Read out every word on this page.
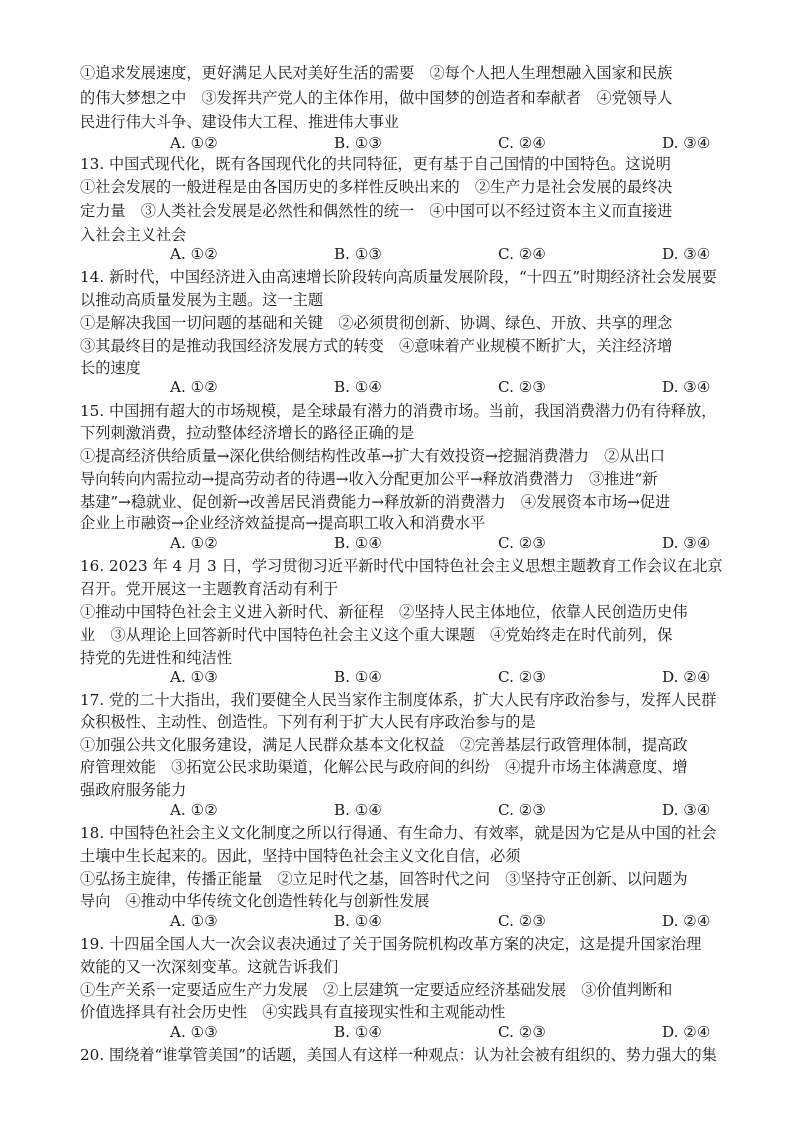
①追求发展速度，更好满足人民对美好生活的需要　②每个人把人生理想融入国家和民族
的伟大梦想之中　③发挥共产党人的主体作用，做中国梦的创造者和奉献者　④党领导人
民进行伟大斗争、建设伟大工程、推进伟大事业
A. ①②	B. ①③	C. ②④	D. ③④
13. 中国式现代化，既有各国现代化的共同特征，更有基于自己国情的中国特色。这说明
①社会发展的一般进程是由各国历史的多样性反映出来的　②生产力是社会发展的最终决
定力量　③人类社会发展是必然性和偶然性的统一　④中国可以不经过资本主义而直接进
入社会主义社会
A. ①②	B. ①③	C. ②④	D. ③④
14. 新时代，中国经济进入由高速增长阶段转向高质量发展阶段，“十四五”时期经济社会发展要
以推动高质量发展为主题。这一主题
①是解决我国一切问题的基础和关键　②必须贯彻创新、协调、绿色、开放、共享的理念
③其最终目的是推动我国经济发展方式的转变　④意味着产业规模不断扩大，关注经济增
长的速度
A. ①②	B. ①④	C. ②③	D. ③④
15. 中国拥有超大的市场规模，是全球最有潜力的消费市场。当前，我国消费潜力仍有待释放，
下列刺激消费，拉动整体经济增长的路径正确的是
①提高经济供给质量→深化供给侧结构性改革→扩大有效投资→挖掘消费潜力　②从出口
导向转向内需拉动→提高劳动者的待遇→收入分配更加公平→释放消费潜力　③推进“新
基建”→稳就业、促创新→改善居民消费能力→释放新的消费潜力　④发展资本市场→促进
企业上市融资→企业经济效益提高→提高职工收入和消费水平
A. ①②	B. ①④	C. ②③	D. ③④
16. 2023 年 4 月 3 日，学习贯彻习近平新时代中国特色社会主义思想主题教育工作会议在北京
召开。党开展这一主题教育活动有利于
①推动中国特色社会主义进入新时代、新征程　②坚持人民主体地位，依靠人民创造历史伟
业　③从理论上回答新时代中国特色社会主义这个重大课题　④党始终走在时代前列，保
持党的先进性和纯洁性
A. ①③	B. ①④	C. ②③	D. ②④
17. 党的二十大指出，我们要健全人民当家作主制度体系，扩大人民有序政治参与，发挥人民群
众积极性、主动性、创造性。下列有利于扩大人民有序政治参与的是
①加强公共文化服务建设，满足人民群众基本文化权益　②完善基层行政管理体制，提高政
府管理效能　③拓宽公民求助渠道，化解公民与政府间的纠纷　④提升市场主体满意度、增
强政府服务能力
A. ①②	B. ①④	C. ②③	D. ③④
18. 中国特色社会主义文化制度之所以行得通、有生命力、有效率，就是因为它是从中国的社会
土壤中生长起来的。因此，坚持中国特色社会主义文化自信，必须
①弘扬主旋律，传播正能量　②立足时代之基，回答时代之问　③坚持守正创新、以问题为
导向　④推动中华传统文化创造性转化与创新性发展
A. ①③	B. ①④	C. ②③	D. ②④
19. 十四届全国人大一次会议表决通过了关于国务院机构改革方案的决定，这是提升国家治理
效能的又一次深刻变革。这就告诉我们
①生产关系一定要适应生产力发展　②上层建筑一定要适应经济基础发展　③价值判断和
价值选择具有社会历史性　④实践具有直接现实性和主观能动性
A. ①③	B. ①④	C. ②③	D. ②④
20. 围绕着“谁掌管美国”的话题，美国人有这样一种观点：认为社会被有组织的、势力强大的集
